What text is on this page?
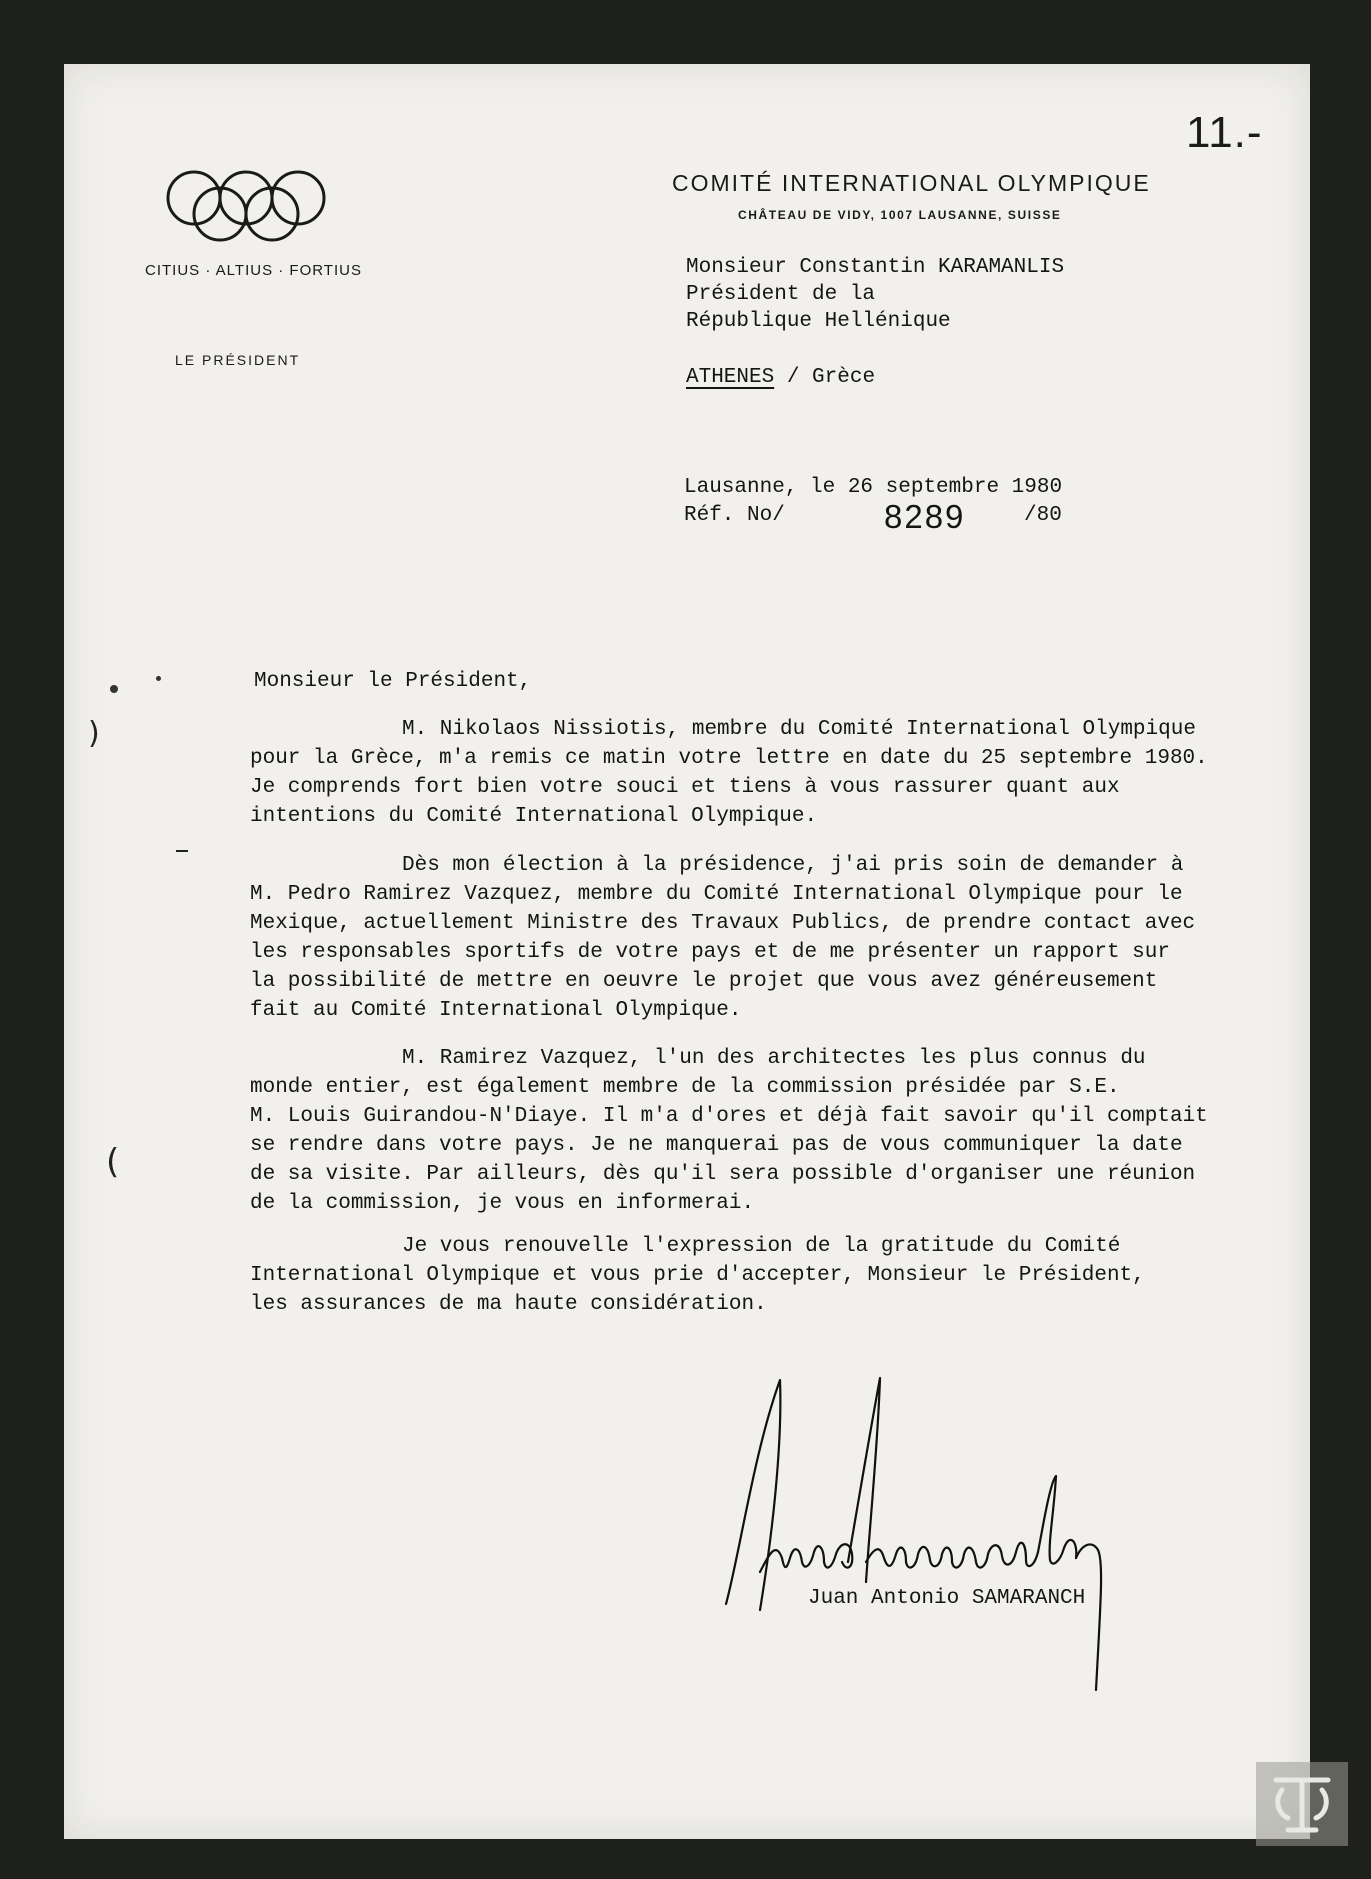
11.-
CITIUS · ALTIUS · FORTIUS
LE PRÉSIDENT
COMITÉ INTERNATIONAL OLYMPIQUE
CHÂTEAU DE VIDY, 1007 LAUSANNE, SUISSE
Monsieur Constantin KARAMANLIS
Président de la
République Hellénique
ATHENES / Grèce
Lausanne, le 26 septembre 1980
Réf. No/	8289	/80
Monsieur le Président,
M. Nikolaos Nissiotis, membre du Comité International Olympique
pour la Grèce, m'a remis ce matin votre lettre en date du 25 septembre 1980.
Je comprends fort bien votre souci et tiens à vous rassurer quant aux
intentions du Comité International Olympique.
Dès mon élection à la présidence, j'ai pris soin de demander à
M. Pedro Ramirez Vazquez, membre du Comité International Olympique pour le
Mexique, actuellement Ministre des Travaux Publics, de prendre contact avec
les responsables sportifs de votre pays et de me présenter un rapport sur
la possibilité de mettre en oeuvre le projet que vous avez généreusement
fait au Comité International Olympique.
M. Ramirez Vazquez, l'un des architectes les plus connus du
monde entier, est également membre de la commission présidée par S.E.
M. Louis Guirandou-N'Diaye. Il m'a d'ores et déjà fait savoir qu'il comptait
se rendre dans votre pays. Je ne manquerai pas de vous communiquer la date
de sa visite. Par ailleurs, dès qu'il sera possible d'organiser une réunion
de la commission, je vous en informerai.
Je vous renouvelle l'expression de la gratitude du Comité
International Olympique et vous prie d'accepter, Monsieur le Président,
les assurances de ma haute considération.
Juan Antonio SAMARANCH
)
(
